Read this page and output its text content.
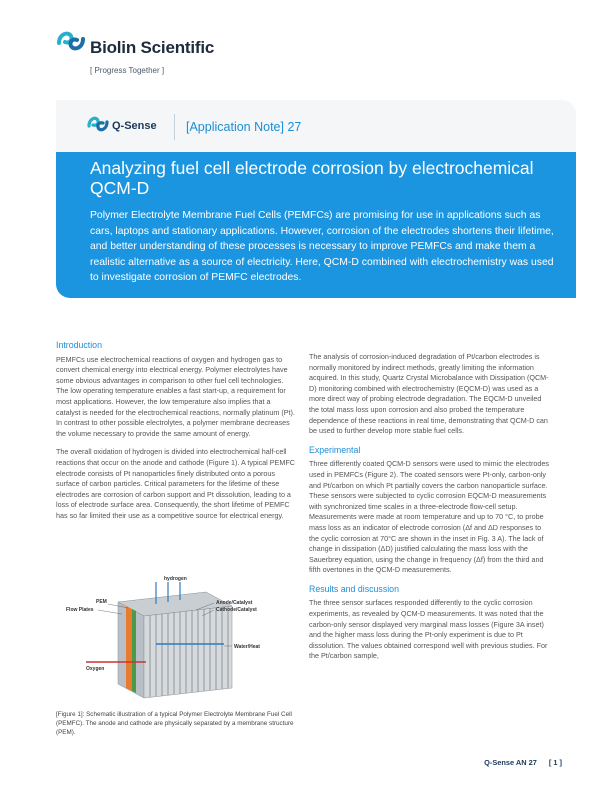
Biolin Scientific
[ Progress Together ]
Q-Sense [Application Note] 27
Analyzing fuel cell electrode corrosion by electrochemical QCM-D
Polymer Electrolyte Membrane Fuel Cells (PEMFCs) are promising for use in applications such as cars, laptops and stationary applications. However, corrosion of the electrodes shortens their lifetime, and better understanding of these processes is necessary to improve PEMFCs and make them a realistic alternative as a source of electricity. Here, QCM-D combined with electrochemistry was used to investigate corrosion of PEMFC electrodes.
Introduction
PEMFCs use electrochemical reactions of oxygen and hydrogen gas to convert chemical energy into electrical energy. Polymer electrolytes have some obvious advantages in comparison to other fuel cell technologies. The low operating temperature enables a fast start-up, a requirement for most applications. However, the low temperature also implies that a catalyst is needed for the electrochemical reactions, normally platinum (Pt). In contrast to other possible electrolytes, a polymer membrane decreases the volume necessary to provide the same amount of energy.
The overall oxidation of hydrogen is divided into electrochemical half-cell reactions that occur on the anode and cathode (Figure 1). A typical PEMFC electrode consists of Pt nanoparticles finely distributed onto a porous surface of carbon particles. Critical parameters for the lifetime of these electrodes are corrosion of carbon support and Pt dissolution, leading to a loss of electrode surface area. Consequently, the short lifetime of PEMFC has so far limited their use as a competitive source for electrical energy.
hydrogen
PEM
Flow Plates
Anode/Catalyst
Cathode/Catalyst
Water/Heat
Oxygen
[Figure 1]: Schematic illustration of a typical Polymer Electrolyte Membrane Fuel Cell (PEMFC). The anode and cathode are physically separated by a membrane structure (PEM).
The analysis of corrosion-induced degradation of Pt/carbon electrodes is normally monitored by indirect methods, greatly limiting the information acquired. In this study, Quartz Crystal Microbalance with Dissipation (QCM-D) monitoring combined with electrochemistry (EQCM-D) was used as a more direct way of probing electrode degradation. The EQCM-D unveiled the total mass loss upon corrosion and also probed the temperature dependence of these reactions in real time, demonstrating that QCM-D can be used to further develop more stable fuel cells.
Experimental
Three differently coated QCM-D sensors were used to mimic the electrodes used in PEMFCs (Figure 2). The coated sensors were Pt-only, carbon-only and Pt/carbon on which Pt partially covers the carbon nanoparticle surface. These sensors were subjected to cyclic corrosion EQCM-D measurements with synchronized time scales in a three-electrode flow-cell setup. Measurements were made at room temperature and up to 70 °C, to probe mass loss as an indicator of electrode corrosion (Δf and ΔD responses to the cyclic corrosion at 70°C are shown in the inset in Fig. 3 A). The lack of change in dissipation (ΔD) justified calculating the mass loss with the Sauerbrey equation, using the change in frequency (Δf) from the third and fifth overtones in the QCM-D measurements.
Results and discussion
The three sensor surfaces responded differently to the cyclic corrosion experiments, as revealed by QCM-D measurements. It was noted that the carbon-only sensor displayed very marginal mass losses (Figure 3A inset) and the higher mass loss during the Pt-only experiment is due to Pt dissolution. The values obtained correspond well with previous studies. For the Pt/carbon sample,
Q-Sense AN 27 [ 1 ]
